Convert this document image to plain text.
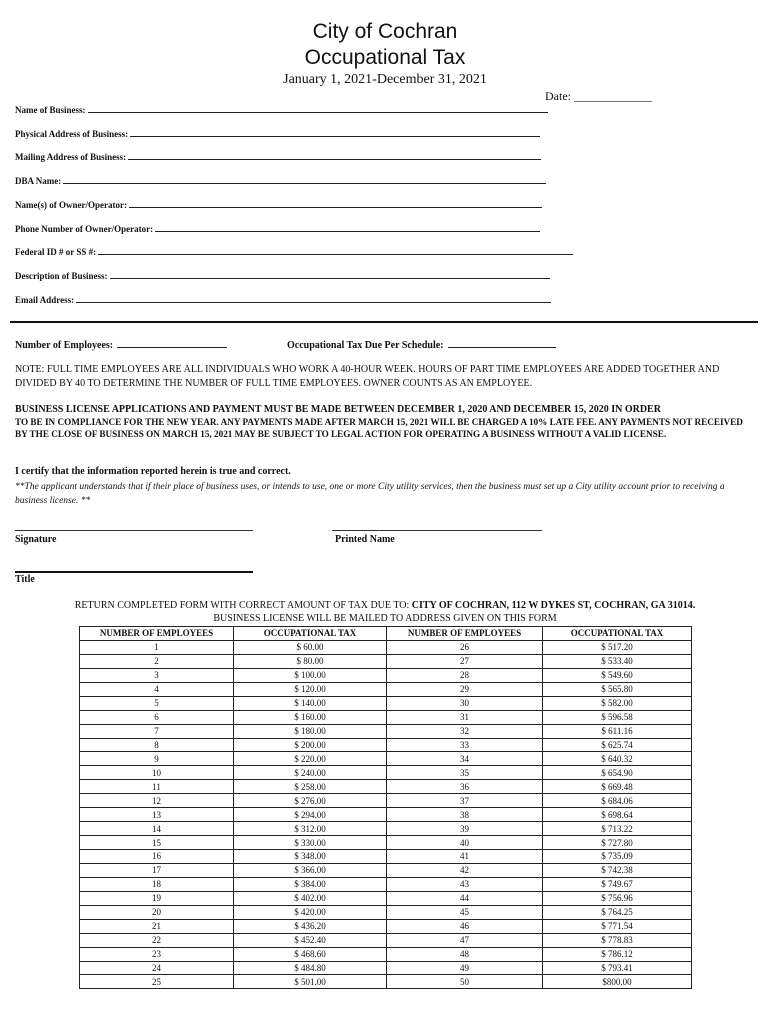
City of Cochran
Occupational Tax
January 1, 2021-December 31, 2021
Date: _____________
Name of Business:
Physical Address of Business:
Mailing Address of Business:
DBA Name:
Name(s) of Owner/Operator:
Phone Number of Owner/Operator:
Federal ID # or SS #:
Description of Business:
Email Address:
Number of Employees:	Occupational Tax Due Per Schedule:
NOTE: FULL TIME EMPLOYEES ARE ALL INDIVIDUALS WHO WORK A 40-HOUR WEEK. HOURS OF PART TIME EMPLOYEES ARE ADDED TOGETHER AND DIVIDED BY 40 TO DETERMINE THE NUMBER OF FULL TIME EMPLOYEES. OWNER COUNTS AS AN EMPLOYEE.
BUSINESS LICENSE APPLICATIONS AND PAYMENT MUST BE MADE BETWEEN DECEMBER 1, 2020 AND DECEMBER 15, 2020 IN ORDER
TO BE IN COMPLIANCE FOR THE NEW YEAR. ANY PAYMENTS MADE AFTER MARCH 15, 2021 WILL BE CHARGED A 10% LATE FEE. ANY PAYMENTS NOT RECEIVED BY THE CLOSE OF BUSINESS ON MARCH 15, 2021 MAY BE SUBJECT TO LEGAL ACTION FOR OPERATING A BUSINESS WITHOUT A VALID LICENSE.
I certify that the information reported herein is true and correct.
**The applicant understands that if their place of business uses, or intends to use, one or more City utility services, then the business must set up a City utility account prior to receiving a business license. **
Signature	Printed Name
Title
RETURN COMPLETED FORM WITH CORRECT AMOUNT OF TAX DUE TO: CITY OF COCHRAN, 112 W DYKES ST, COCHRAN, GA 31014.
BUSINESS LICENSE WILL BE MAILED TO ADDRESS GIVEN ON THIS FORM
NUMBER OF EMPLOYEES	OCCUPATIONAL TAX	NUMBER OF EMPLOYEES	OCCUPATIONAL TAX
1	$ 60.00	26	$ 517.20
2	$ 80.00	27	$ 533.40
3	$ 100.00	28	$ 549.60
4	$ 120.00	29	$ 565.80
5	$ 140.00	30	$ 582.00
6	$ 160.00	31	$ 596.58
7	$ 180.00	32	$ 611.16
8	$ 200.00	33	$ 625.74
9	$ 220.00	34	$ 640.32
10	$ 240.00	35	$ 654.90
11	$ 258.00	36	$ 669.48
12	$ 276.00	37	$ 684.06
13	$ 294.00	38	$ 698.64
14	$ 312.00	39	$ 713.22
15	$ 330.00	40	$ 727.80
16	$ 348.00	41	$ 735.09
17	$ 366.00	42	$ 742.38
18	$ 384.00	43	$ 749.67
19	$ 402.00	44	$ 756.96
20	$ 420.00	45	$ 764.25
21	$ 436.20	46	$ 771.54
22	$ 452.40	47	$ 778.83
23	$ 468.60	48	$ 786.12
24	$ 484.80	49	$ 793.41
25	$ 501.00	50	$800.00
